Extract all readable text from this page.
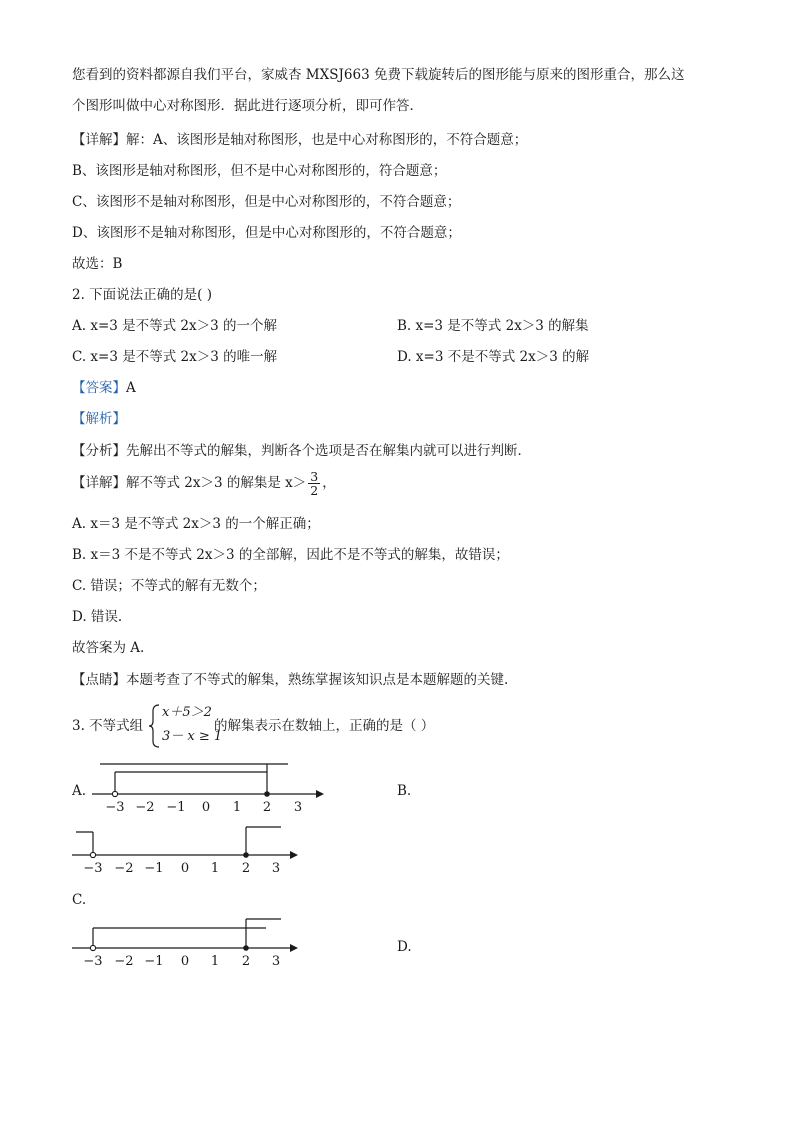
您看到的资料都源自我们平台，家威杏 MXSJ663 免费下载旋转后的图形能与原来的图形重合，那么这
个图形叫做中心对称图形．据此进行逐项分析，即可作答．
【详解】解：A、该图形是轴对称图形，也是中心对称图形的，不符合题意；
B、该图形是轴对称图形，但不是中心对称图形的，符合题意；
C、该图形不是轴对称图形，但是中心对称图形的，不符合题意；
D、该图形不是轴对称图形，但是中心对称图形的，不符合题意；
故选：B
2. 下面说法正确的是( )
A. x=3 是不等式 2x＞3 的一个解	B. x=3 是不等式 2x＞3 的解集
C. x=3 是不等式 2x＞3 的唯一解	D. x=3 不是不等式 2x＞3 的解
【答案】A
【解析】
【分析】先解出不等式的解集，判断各个选项是否在解集内就可以进行判断．
【详解】解不等式 2x＞3 的解集是 $x> \frac{3}{2}$ ，
A. x＝3 是不等式 2x＞3 的一个解正确；
B. x＝3 不是不等式 2x＞3 的全部解，因此不是不等式的解集，故错误；
C. 错误；不等式的解有无数个；
D. 错误.
故答案为 A.
【点睛】本题考查了不等式的解集，熟练掌握该知识点是本题解题的关键.
3. 不等式组
x＋5＞2
3－ x ≥ 1
的解集表示在数轴上，正确的是（ ）
A.	B.
C.
D.
−3 −2 −1 0 1 2 3
−3 −2 −1 0 1 2 3
−3 −2 −1 0 1 2 3
